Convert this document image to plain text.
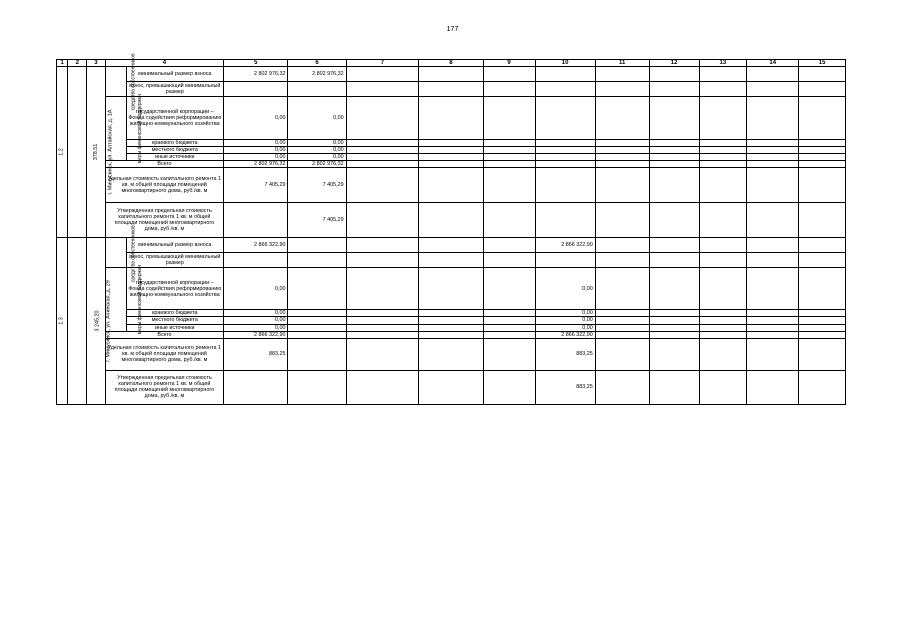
177
1	2	3	4		5	6	7	8	9	10	11	12	13	14	15
1.2	г. Минусинск, ул. Алтайская, д. 1А	378,51	средства собственников	минимальный размер взноса	2 802 976,32	2 802 976,32									
				взнос, превышающий минимальный размер											
			меры финансовой поддержки	государственной корпорации – Фонда содействия реформированию жилищно-коммунального хозяйства	0,00	0,00									
				краевого бюджета	0,00	0,00									
				местного бюджета	0,00	0,00									
				иные источники	0,00	0,00									
			Всего		2 802 976,32	2 802 976,32									
			Удельная стоимость капитального ремонта 1 кв. м общей площади помещений многоквартирного дома, руб./кв. м		7 405,29	7 405,29									
			Утвержденная предельная стоимость капитального ремонта 1 кв. м общей площади помещений многоквартирного дома, руб./кв. м			7 405,29									
1.3	г. Минусинск, ул. Ачинская, д. 29	3 245,20	средства собственников	минимальный размер взноса	2 866 322,90					2 866 322,90					
				взнос, превышающий минимальный размер											
			меры финансовой поддержки	государственной корпорации – Фонда содействия реформированию жилищно-коммунального хозяйства	0,00					0,00					
				краевого бюджета	0,00					0,00					
				местного бюджета	0,00					0,00					
				иные источники	0,00					0,00					
			Всего		2 866 322,90					2 866 322,90					
			Удельная стоимость капитального ремонта 1 кв. м общей площади помещений многоквартирного дома, руб./кв. м		883,25					883,25					
			Утвержденная предельная стоимость капитального ремонта 1 кв. м общей площади помещений многоквартирного дома, руб./кв. м							883,25					
